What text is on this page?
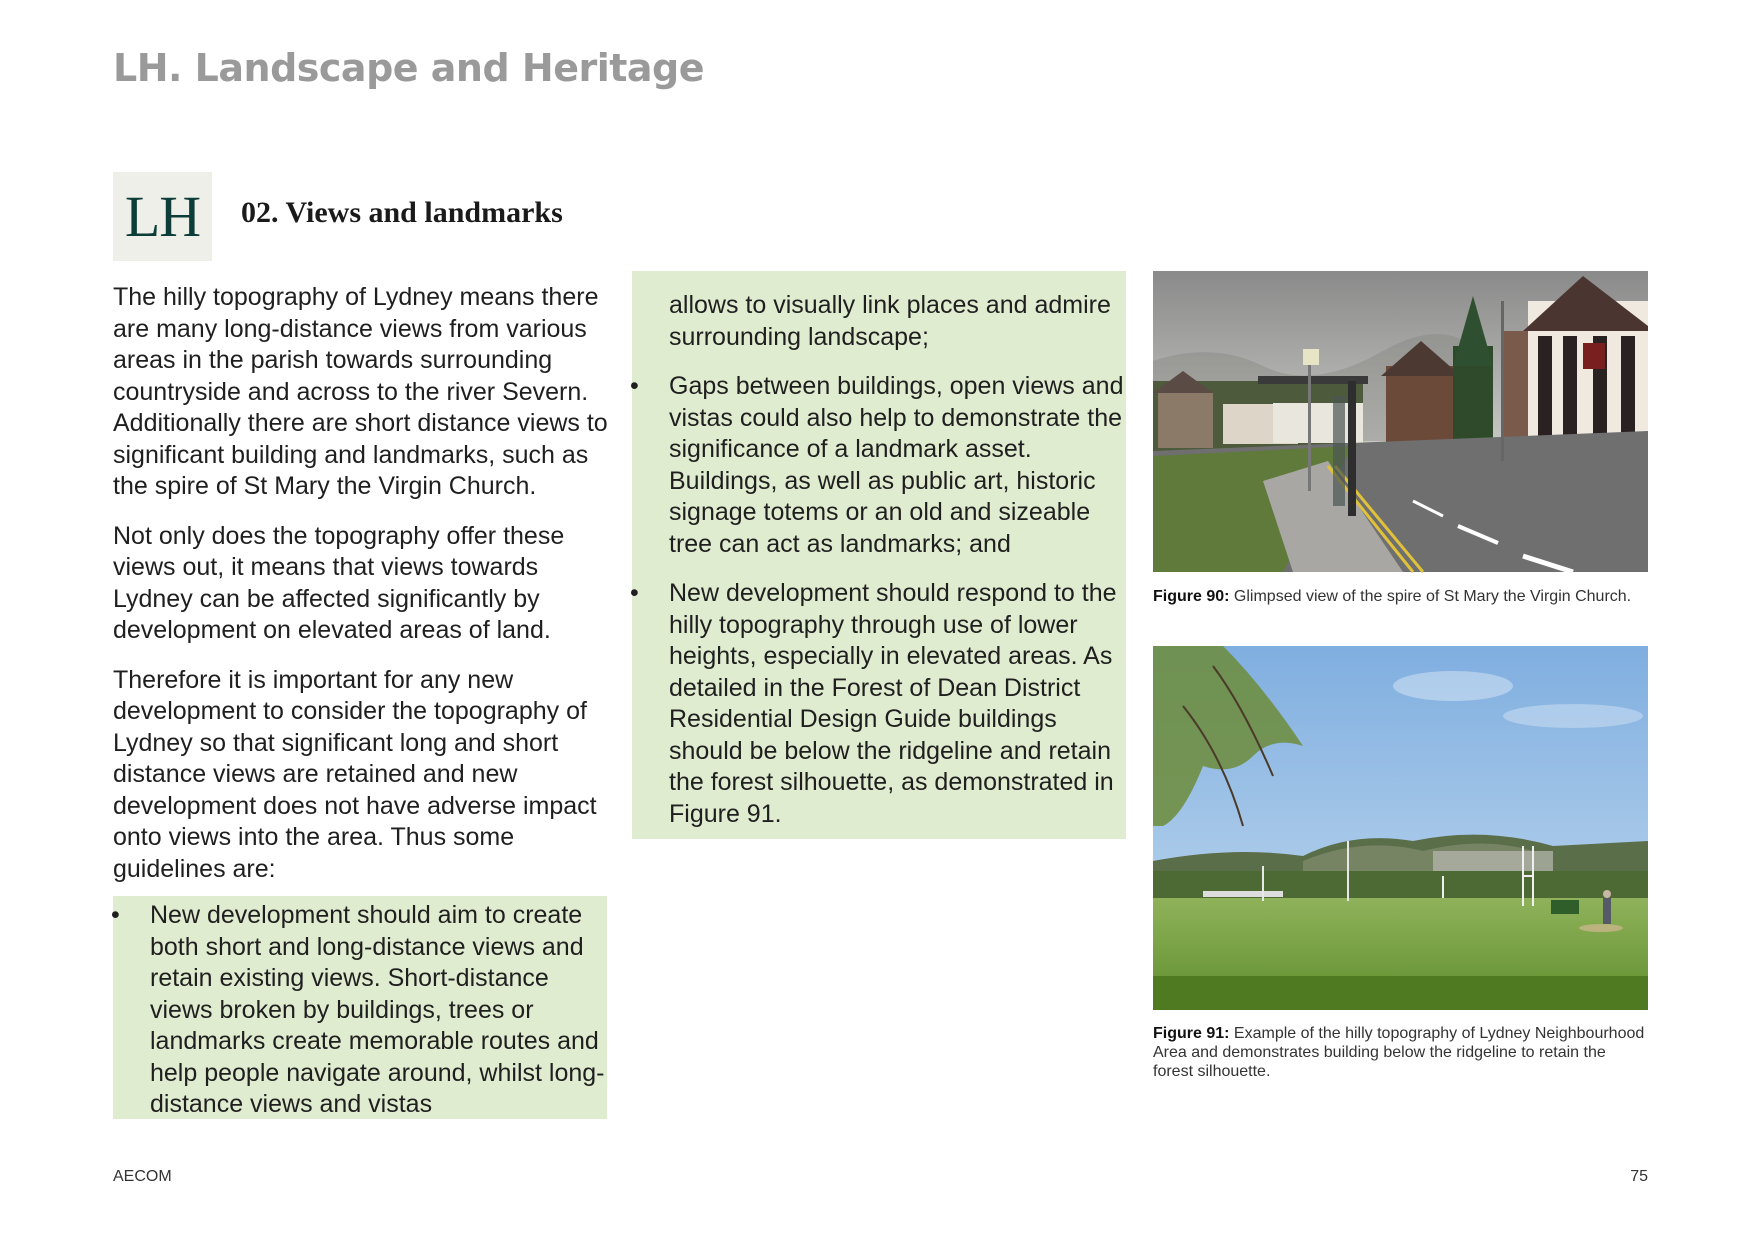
LH. Landscape and Heritage
LH 02. Views and landmarks

The hilly topography of Lydney means there are many long-distance views from various areas in the parish towards surrounding countryside and across to the river Severn. Additionally there are short distance views to significant building and landmarks, such as the spire of St Mary the Virgin Church.

Not only does the topography offer these views out, it means that views towards Lydney can be affected significantly by development on elevated areas of land.

Therefore it is important for any new development to consider the topography of Lydney so that significant long and short distance views are retained and new development does not have adverse impact onto views into the area. Thus some guidelines are:

• New development should aim to create both short and long-distance views and retain existing views. Short-distance views broken by buildings, trees or landmarks create memorable routes and help people navigate around, whilst long-distance views and vistas
allows to visually link places and admire surrounding landscape;
• Gaps between buildings, open views and vistas could also help to demonstrate the significance of a landmark asset. Buildings, as well as public art, historic signage totems or an old and sizeable tree can act as landmarks; and
• New development should respond to the hilly topography through use of lower heights, especially in elevated areas. As detailed in the Forest of Dean District Residential Design Guide buildings should be below the ridgeline and retain the forest silhouette, as demonstrated in Figure 91.
Figure 90: Glimpsed view of the spire of St Mary the Virgin Church.
Figure 91: Example of the hilly topography of Lydney Neighbourhood Area and demonstrates building below the ridgeline to retain the forest silhouette.
AECOM	75
